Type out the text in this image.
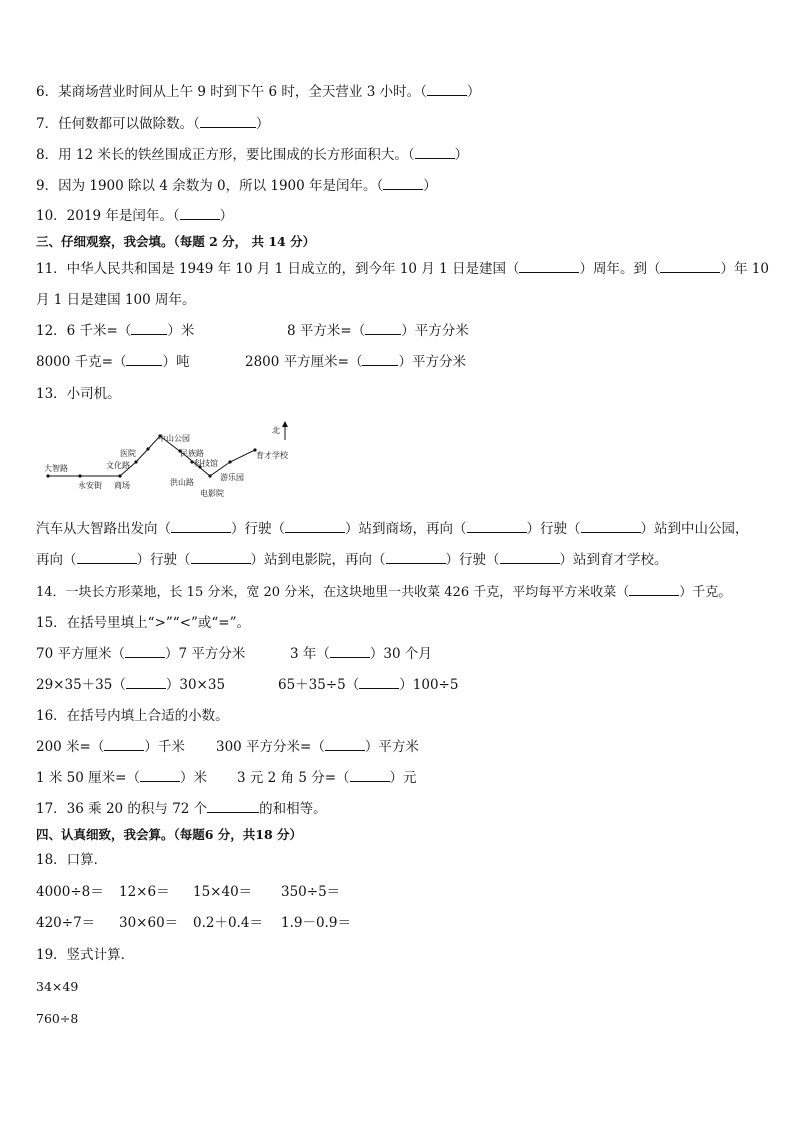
6．某商场营业时间从上午 9 时到下午 6 时，全天营业 3 小时。（	）
7．任何数都可以做除数。（	）
8．用 12 米长的铁丝围成正方形，要比围成的长方形面积大。（	）
9．因为 1900 除以 4 余数为 0，所以 1900 年是闰年。（	）
10．2019 年是闰年。（	）
三、仔细观察，我会填。（每题 2 分， 共 14 分）
11．中华人民共和国是 1949 年 10 月 1 日成立的，到今年 10 月 1 日是建国（	）周年。到（	）年 10
月 1 日是建国 100 周年。
12．6 千米=（	）米	8 平方米=（	）平方分米
8000 千克=（	）吨	2800 平方厘米=（	）平方分米
13．小司机。
北
大智路
永安街 商场
文化路
医院
中山公园
民族路
科技馆
洪山路
电影院
游乐园
育才学校
汽车从大智路出发向（	）行驶（	）站到商场，再向（	）行驶（	）站到中山公园，
再向（	）行驶（	）站到电影院，再向（	）行驶（	）站到育才学校。
14．一块长方形菜地，长 15 分米，宽 20 分米，在这块地里一共收菜 426 千克，平均每平方米收菜（	）千克。
15．在括号里填上“>”“<”或“=”。
70 平方厘米（	）7 平方分米	3 年（	）30 个月
29×35＋35（	）30×35	65＋35÷5（	）100÷5
16．在括号内填上合适的小数。
200 米=（	）千米 300 平方分米=（	）平方米
1 米 50 厘米=（	）米 3 元 2 角 5 分=（	）元
17．36 乘 20 的积与 72 个	的和相等。
四、认真细致，我会算。（每题6 分，共18 分）
18．口算．
4000÷8＝ 12×6＝ 15×40＝ 350÷5＝
420÷7＝ 30×60＝ 0.2＋0.4＝ 1.9－0.9＝
19．竖式计算．
34×49
760÷8
